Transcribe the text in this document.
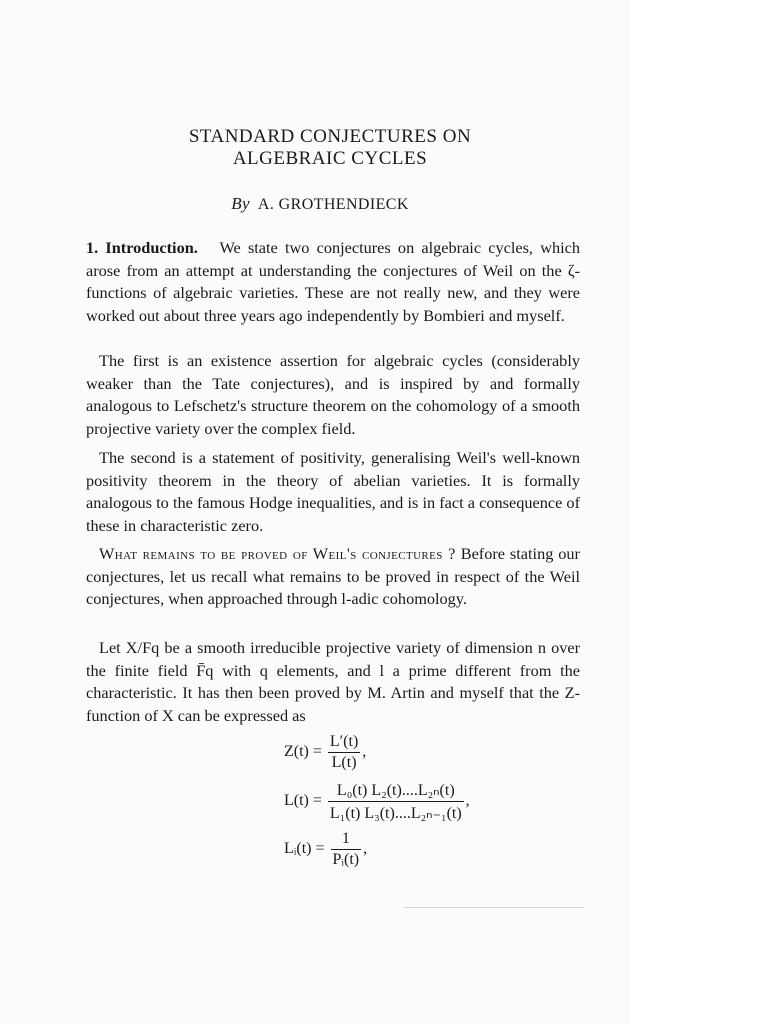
STANDARD CONJECTURES ON
ALGEBRAIC CYCLES
By A. GROTHENDIECK

1. Introduction. We state two conjectures on algebraic cycles, which arose from an attempt at understanding the conjectures of Weil on the ζ-functions of algebraic varieties. These are not really new, and they were worked out about three years ago independently by Bombieri and myself.

The first is an existence assertion for algebraic cycles (considerably weaker than the Tate conjectures), and is inspired by and formally analogous to Lefschetz's structure theorem on the cohomology of a smooth projective variety over the complex field.

The second is a statement of positivity, generalising Weil's well-known positivity theorem in the theory of abelian varieties. It is formally analogous to the famous Hodge inequalities, and is in fact a consequence of these in characteristic zero.

What remains to be proved of Weil's conjectures ? Before stating our conjectures, let us recall what remains to be proved in respect of the Weil conjectures, when approached through l-adic cohomology.

Let X/Fq be a smooth irreducible projective variety of dimension n over the finite field F̄q with q elements, and l a prime different from the characteristic. It has then been proved by M. Artin and myself that the Z-function of X can be expressed as

$Z(t) = \frac{L'(t)}{L(t)}$ ,
$L(t) = \frac{\text{L₀(t) L₂(t)....L₂ₙ(t)}}{\text{L₁(t) L₃(t)....L₂ₙ₋₁(t)}}$ ,
Lᵢ(t) = $\frac{1}{\text{Pᵢ(t)}}$ ,
